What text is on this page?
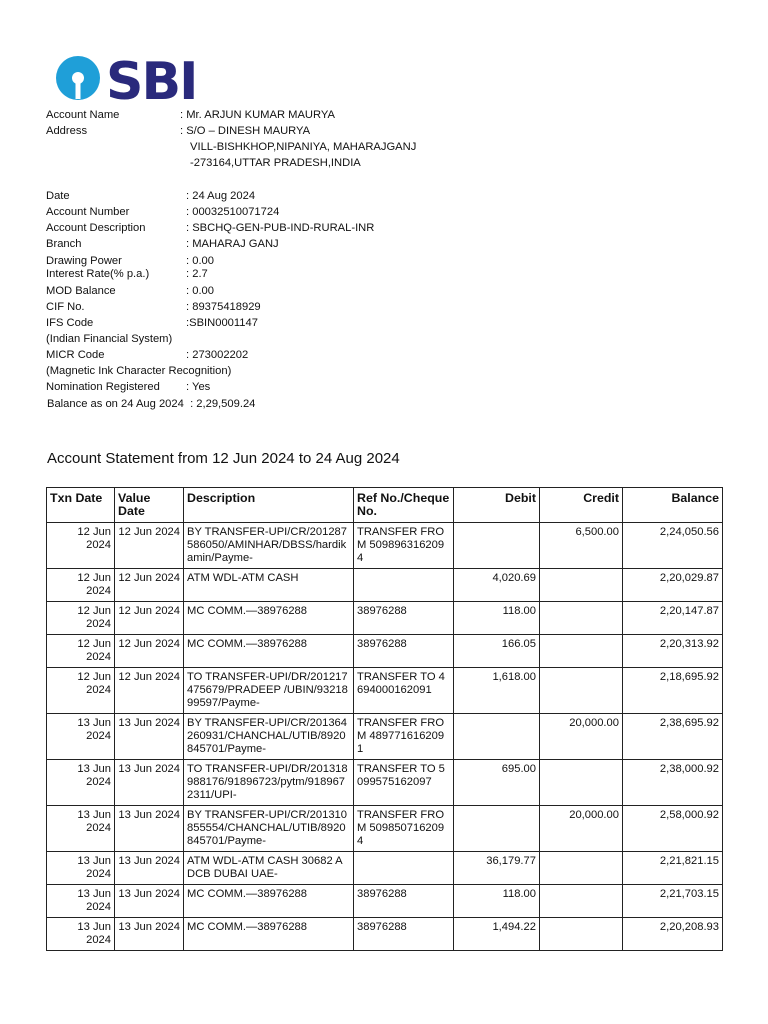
SBI
Account Name	: Mr. ARJUN KUMAR MAURYA
Address	: S/O – DINESH MAURYA
VILL-BISHKHOP,NIPANIYA, MAHARAJGANJ
-273164,UTTAR PRADESH,INDIA
Date	: 24 Aug 2024
Account Number	: 00032510071724
Account Description	: SBCHQ-GEN-PUB-IND-RURAL-INR
Branch	: MAHARAJ GANJ
Drawing Power	: 0.00
Interest Rate(% p.a.)	: 2.7
MOD Balance	: 0.00
CIF No.	: 89375418929
IFS Code	:SBIN0001147
(Indian Financial System)
MICR Code	: 273002202
(Magnetic Ink Character Recognition)
Nomination Registered : Yes
Balance as on 24 Aug 2024  : 2,29,509.24
Account Statement from 12 Jun 2024 to 24 Aug 2024
Txn Date	Value Date	Description	Ref No./Cheque No.	Debit	Credit	Balance

12 Jun 2024	12 Jun 2024	BY TRANSFER-UPI/CR/201287586050/AMINHAR/DBSS/hardikamin/Payme-	TRANSFER FROM 5098963162094		6,500.00	2,24,050.56

12 Jun 2024	12 Jun 2024	ATM WDL-ATM CASH		4,020.69		2,20,029.87

12 Jun 2024	12 Jun 2024	MC COMM.—38976288	38976288	118.00		2,20,147.87

12 Jun 2024	12 Jun 2024	MC COMM.—38976288	38976288	166.05		2,20,313.92

12 Jun 2024	12 Jun 2024	TO TRANSFER-UPI/DR/201217475679/PRADEEP /UBIN/9321899597/Payme-	TRANSFER TO 4694000162091	1,618.00		2,18,695.92

13 Jun 2024	13 Jun 2024	BY TRANSFER-UPI/CR/201364260931/CHANCHAL/UTIB/8920845701/Payme-	TRANSFER FROM 4897716162091		20,000.00	2,38,695.92

13 Jun 2024	13 Jun 2024	TO TRANSFER-UPI/DR/201318988176/91896723/pytm/9189672311/UPI-	TRANSFER TO 5099575162097	695.00		2,38,000.92

13 Jun 2024	13 Jun 2024	BY TRANSFER-UPI/CR/201310855554/CHANCHAL/UTIB/8920845701/Payme-	TRANSFER FROM 5098507162094		20,000.00	2,58,000.92

13 Jun 2024	13 Jun 2024	ATM WDL-ATM CASH 30682 ADCB DUBAI UAE-		36,179.77		2,21,821.15

13 Jun 2024	13 Jun 2024	MC COMM.—38976288	38976288	118.00		2,21,703.15

13 Jun 2024	13 Jun 2024	MC COMM.—38976288	38976288	1,494.22		2,20,208.93
